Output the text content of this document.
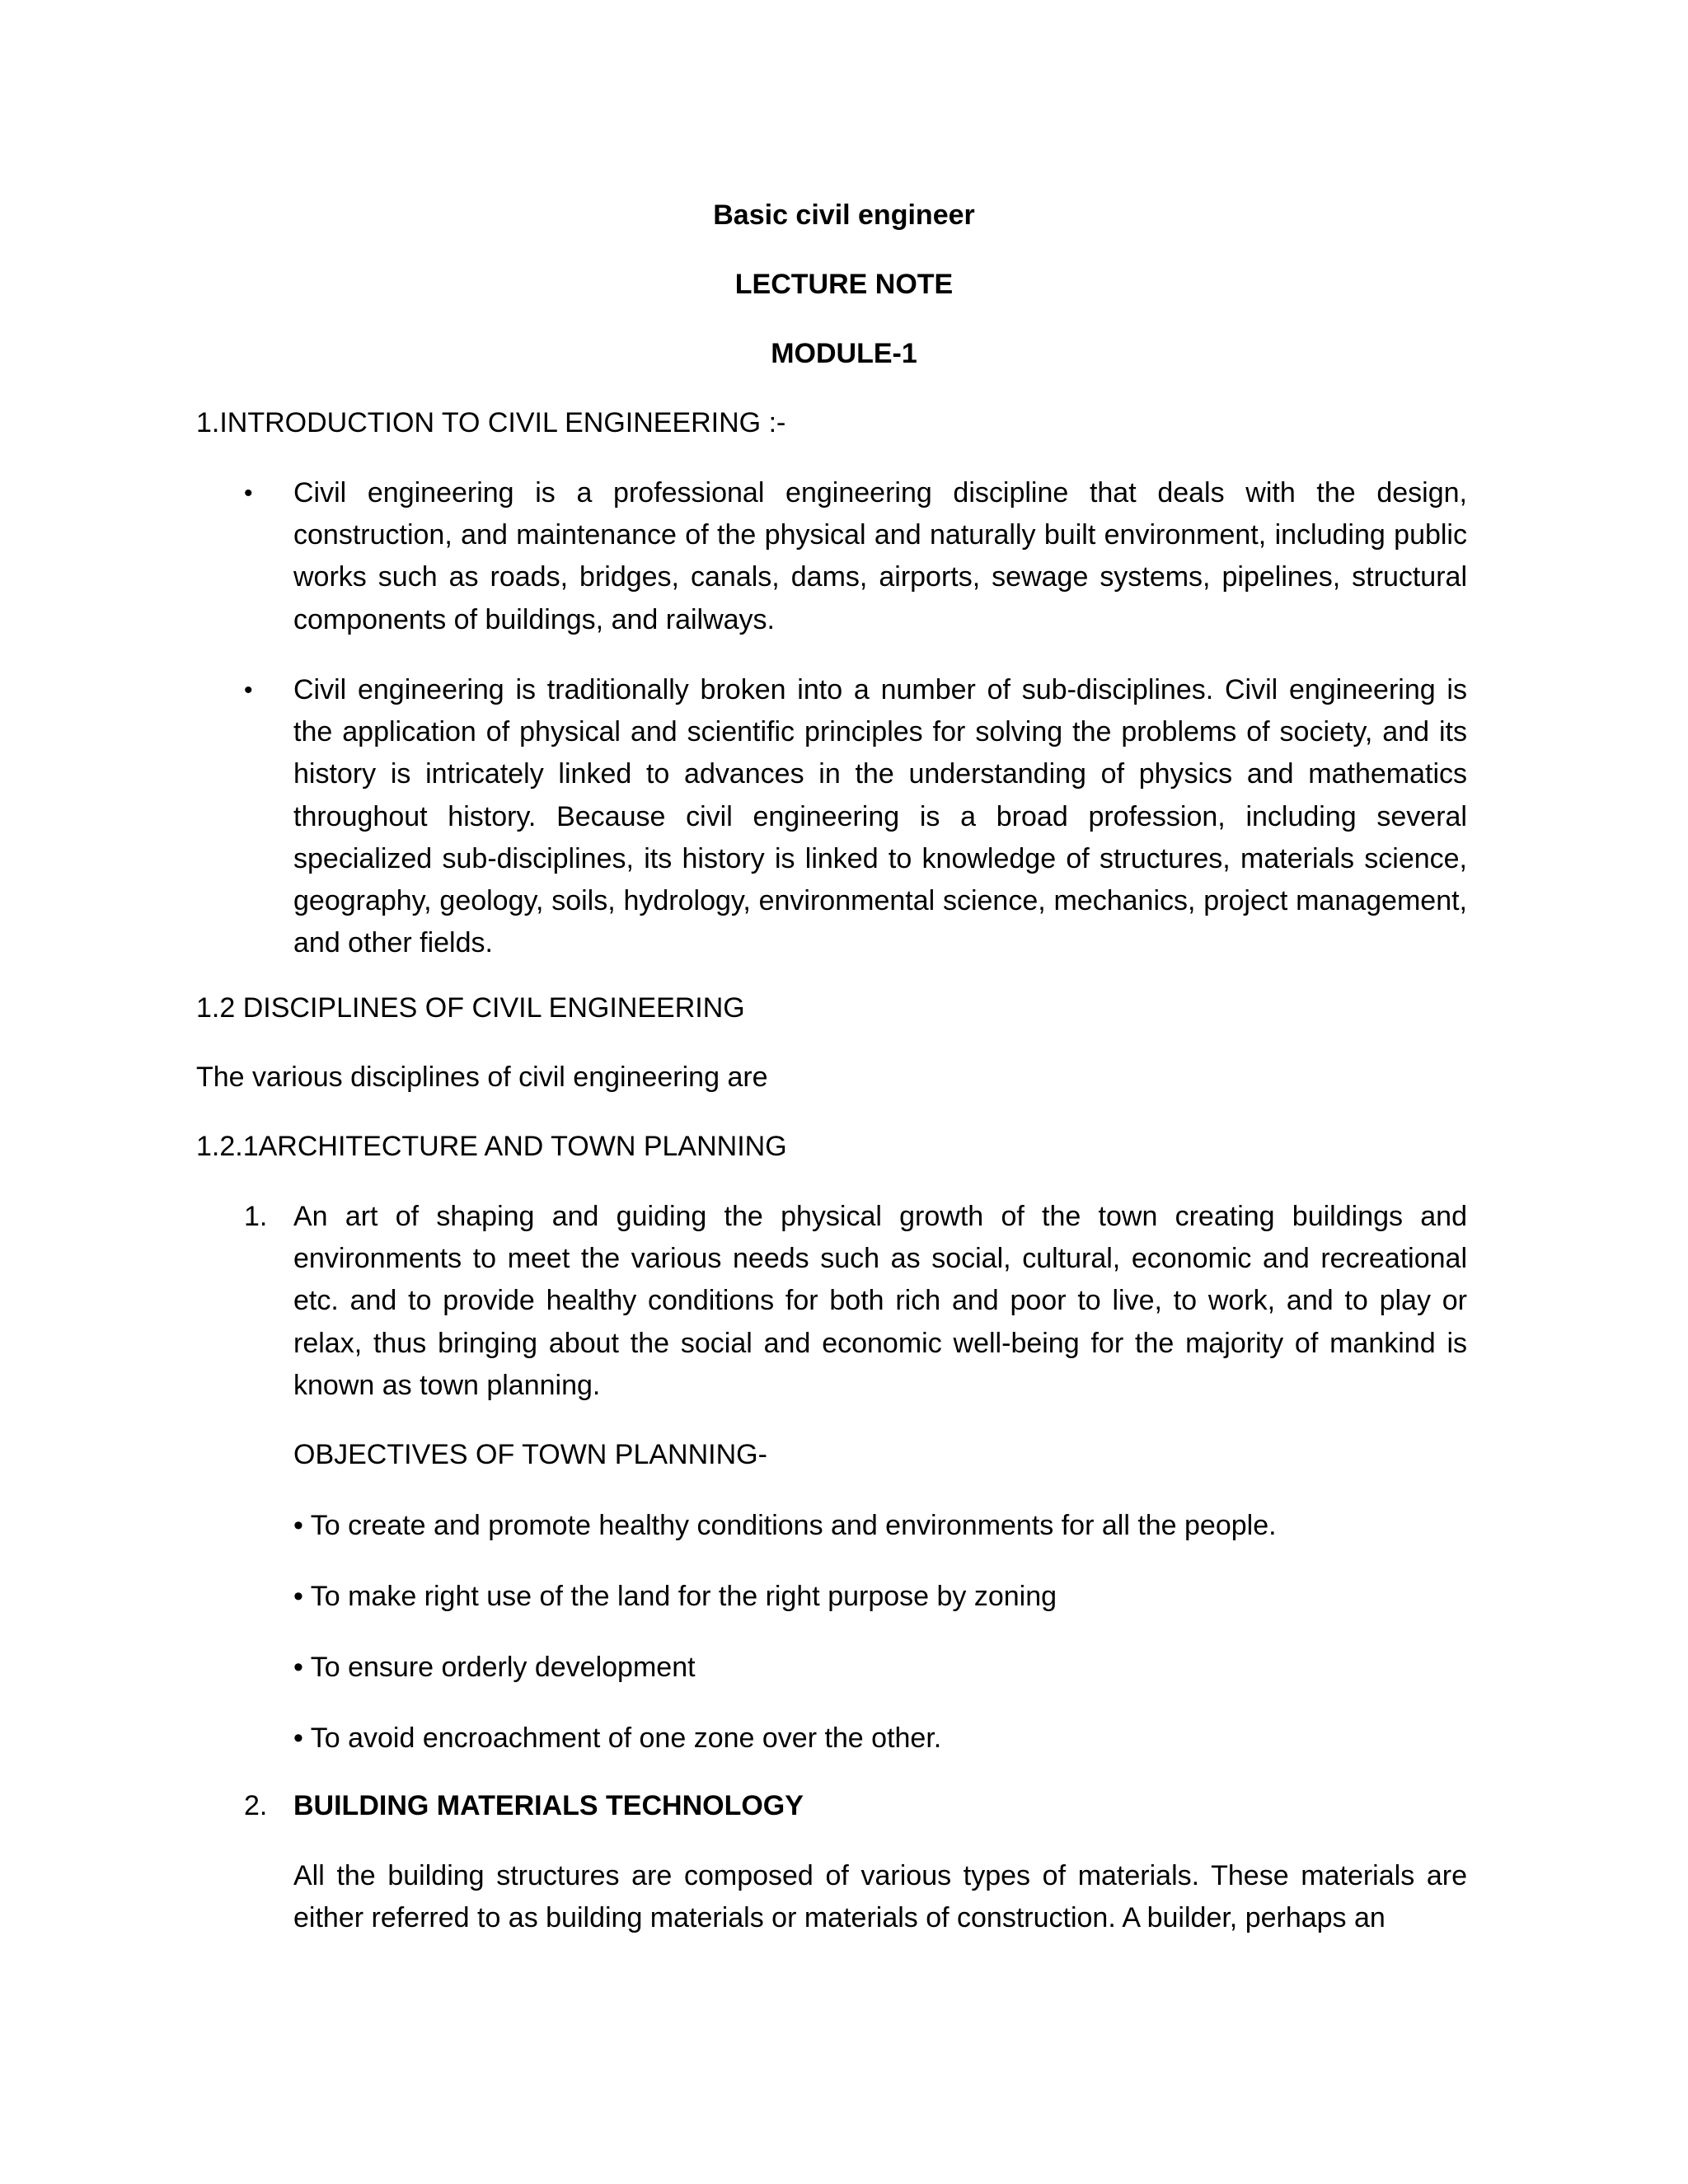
Basic civil engineer
LECTURE NOTE
MODULE-1
1.INTRODUCTION TO CIVIL ENGINEERING :-
• Civil engineering is a professional engineering discipline that deals with the design, construction, and maintenance of the physical and naturally built environment, including public works such as roads, bridges, canals, dams, airports, sewage systems, pipelines, structural components of buildings, and railways.

• Civil engineering is traditionally broken into a number of sub-disciplines. Civil engineering is the application of physical and scientific principles for solving the problems of society, and its history is intricately linked to advances in the understanding of physics and mathematics throughout history. Because civil engineering is a broad profession, including several specialized sub-disciplines, its history is linked to knowledge of structures, materials science, geography, geology, soils, hydrology, environmental science, mechanics, project management, and other fields.

1.2 DISCIPLINES OF CIVIL ENGINEERING
The various disciplines of civil engineering are
1.2.1ARCHITECTURE AND TOWN PLANNING
1. An art of shaping and guiding the physical growth of the town creating buildings and environments to meet the various needs such as social, cultural, economic and recreational etc. and to provide healthy conditions for both rich and poor to live, to work, and to play or relax, thus bringing about the social and economic well-being for the majority of mankind is known as town planning.

OBJECTIVES OF TOWN PLANNING-
• To create and promote healthy conditions and environments for all the people.
• To make right use of the land for the right purpose by zoning
• To ensure orderly development
• To avoid encroachment of one zone over the other.
2. BUILDING MATERIALS TECHNOLOGY

All the building structures are composed of various types of materials. These materials are either referred to as building materials or materials of construction. A builder, perhaps an
